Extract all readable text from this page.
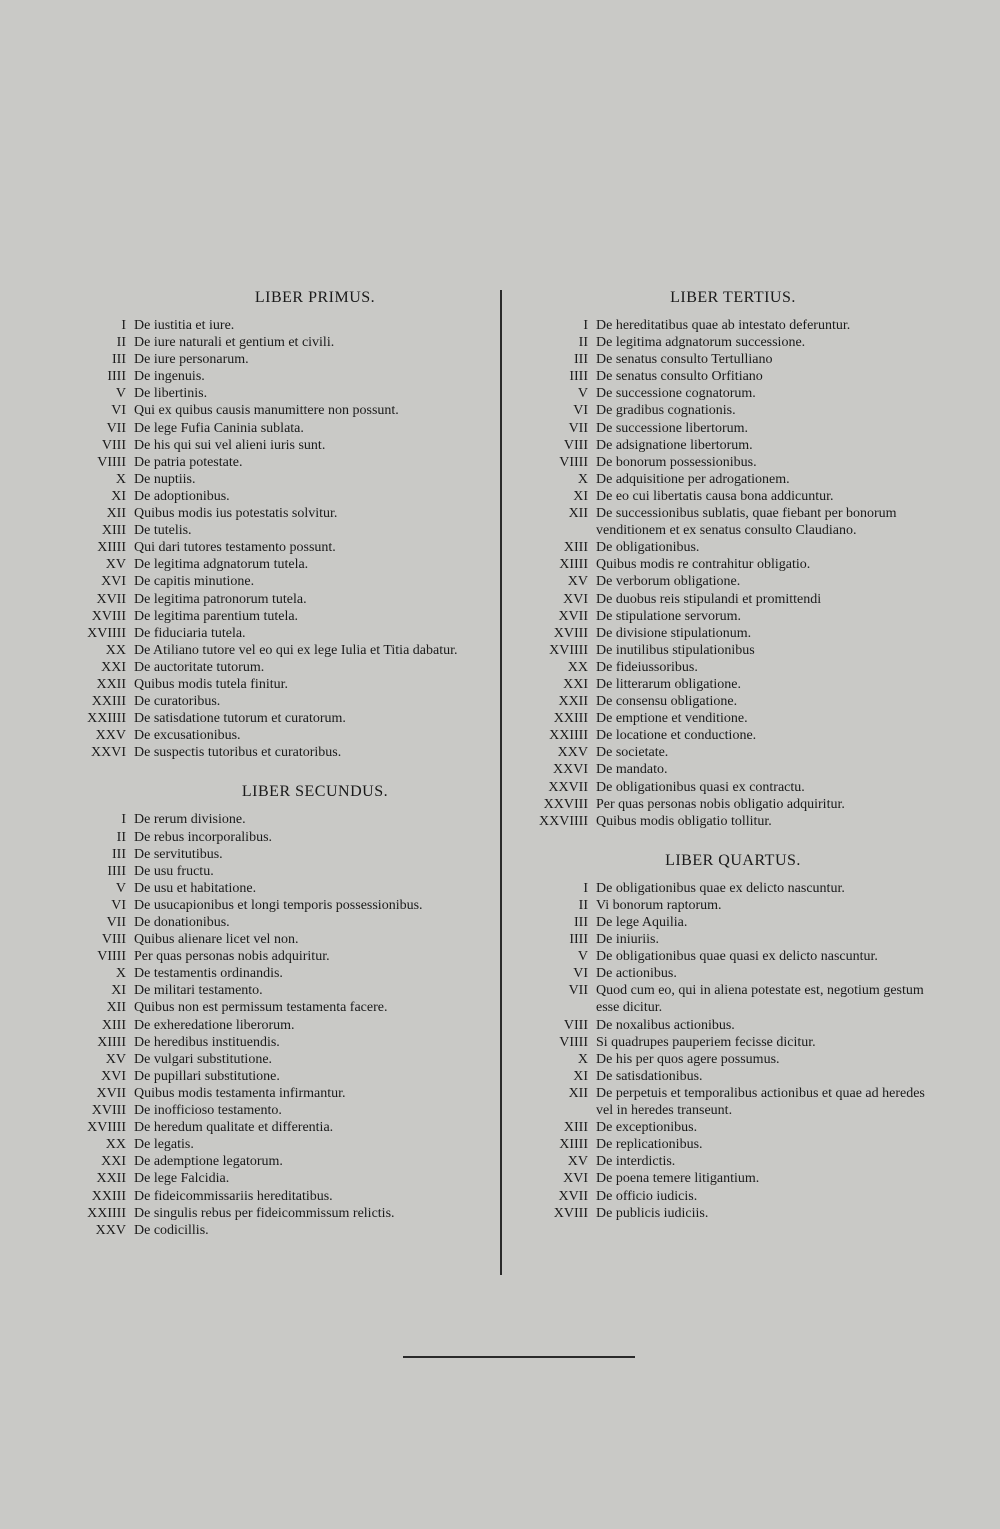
LIBER PRIMUS.
I De iustitia et iure.
II De iure naturali et gentium et civili.
III De iure personarum.
IIII De ingenuis.
V De libertinis.
VI Qui ex quibus causis manumittere non possunt.
VII De lege Fufia Caninia sublata.
VIII De his qui sui vel alieni iuris sunt.
VIIII De patria potestate.
X De nuptiis.
XI De adoptionibus.
XII Quibus modis ius potestatis solvitur.
XIII De tutelis.
XIIII Qui dari tutores testamento possunt.
XV De legitima adgnatorum tutela.
XVI De capitis minutione.
XVII De legitima patronorum tutela.
XVIII De legitima parentium tutela.
XVIIII De fiduciaria tutela.
XX De Atiliano tutore vel eo qui ex lege Iulia et Titia dabatur.
XXI De auctoritate tutorum.
XXII Quibus modis tutela finitur.
XXIII De curatoribus.
XXIIII De satisdatione tutorum et curatorum.
XXV De excusationibus.
XXVI De suspectis tutoribus et curatoribus.
LIBER SECUNDUS.
I De rerum divisione.
II De rebus incorporalibus.
III De servitutibus.
IIII De usu fructu.
V De usu et habitatione.
VI De usucapionibus et longi temporis possessionibus.
VII De donationibus.
VIII Quibus alienare licet vel non.
VIIII Per quas personas nobis adquiritur.
X De testamentis ordinandis.
XI De militari testamento.
XII Quibus non est permissum testamenta facere.
XIII De exheredatione liberorum.
XIIII De heredibus instituendis.
XV De vulgari substitutione.
XVI De pupillari substitutione.
XVII Quibus modis testamenta infirmantur.
XVIII De inofficioso testamento.
XVIIII De heredum qualitate et differentia.
XX De legatis.
XXI De ademptione legatorum.
XXII De lege Falcidia.
XXIII De fideicommissariis hereditatibus.
XXIIII De singulis rebus per fideicommissum relictis.
XXV De codicillis.
LIBER TERTIUS.
I De hereditatibus quae ab intestato deferuntur.
II De legitima adgnatorum successione.
III De senatus consulto Tertulliano
IIII De senatus consulto Orfitiano
V De successione cognatorum.
VI De gradibus cognationis.
VII De successione libertorum.
VIII De adsignatione libertorum.
VIIII De bonorum possessionibus.
X De adquisitione per adrogationem.
XI De eo cui libertatis causa bona addicuntur.
XII De successionibus sublatis, quae fiebant per bonorum venditionem et ex senatus consulto Claudiano.
XIII De obligationibus.
XIIII Quibus modis re contrahitur obligatio.
XV De verborum obligatione.
XVI De duobus reis stipulandi et promittendi
XVII De stipulatione servorum.
XVIII De divisione stipulationum.
XVIIII De inutilibus stipulationibus
XX De fideiussoribus.
XXI De litterarum obligatione.
XXII De consensu obligatione.
XXIII De emptione et venditione.
XXIIII De locatione et conductione.
XXV De societate.
XXVI De mandato.
XXVII De obligationibus quasi ex contractu.
XXVIII Per quas personas nobis obligatio adquiritur.
XXVIIII Quibus modis obligatio tollitur.
LIBER QUARTUS.
I De obligationibus quae ex delicto nascuntur.
II Vi bonorum raptorum.
III De lege Aquilia.
IIII De iniuriis.
V De obligationibus quae quasi ex delicto nascuntur.
VI De actionibus.
VII Quod cum eo, qui in aliena potestate est, negotium gestum esse dicitur.
VIII De noxalibus actionibus.
VIIII Si quadrupes pauperiem fecisse dicitur.
X De his per quos agere possumus.
XI De satisdationibus.
XII De perpetuis et temporalibus actionibus et quae ad heredes vel in heredes transeunt.
XIII De exceptionibus.
XIIII De replicationibus.
XV De interdictis.
XVI De poena temere litigantium.
XVII De officio iudicis.
XVIII De publicis iudiciis.
